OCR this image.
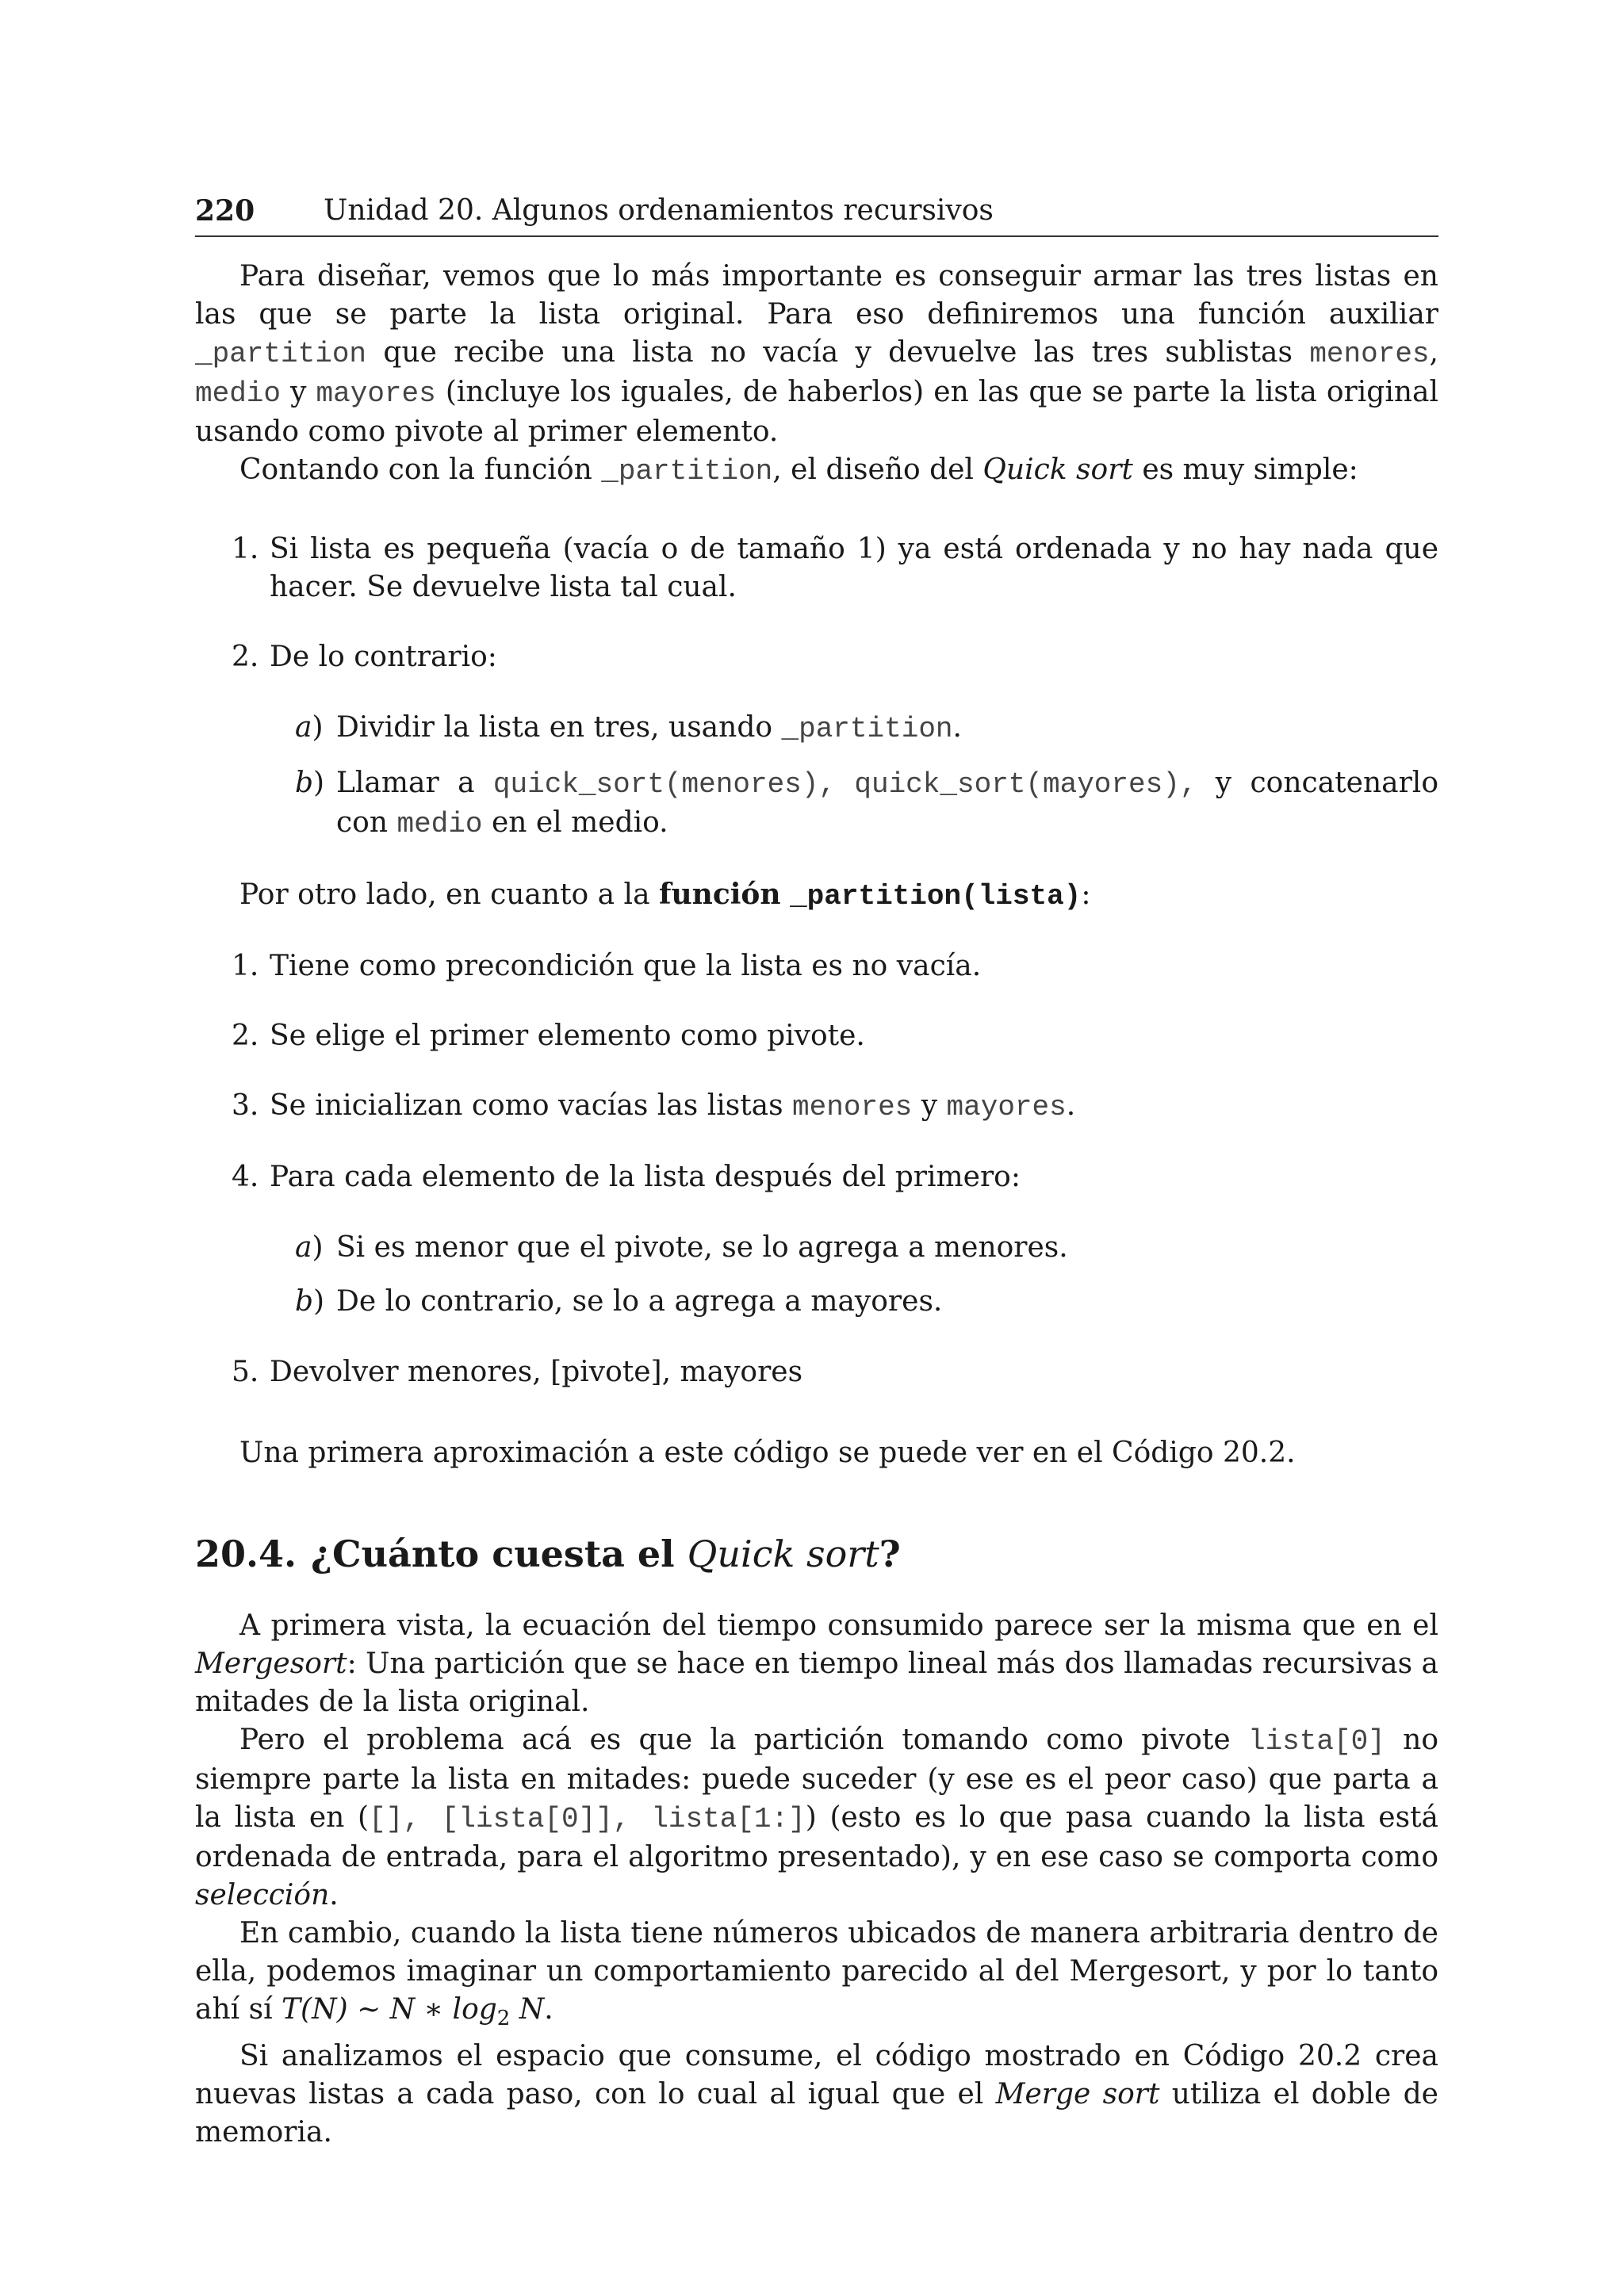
220 Unidad 20. Algunos ordenamientos recursivos

Para diseñar, vemos que lo más importante es conseguir armar las tres listas en las que se parte la lista original. Para eso definiremos una función auxiliar _partition que recibe una lista no vacía y devuelve las tres sublistas menores, medio y mayores (incluye los iguales, de haberlos) en las que se parte la lista original usando como pivote al primer elemento.

Contando con la función _partition, el diseño del Quick sort es muy simple:

1. Si lista es pequeña (vacía o de tamaño 1) ya está ordenada y no hay nada que hacer. Se devuelve lista tal cual.
2. De lo contrario:
a) Dividir la lista en tres, usando _partition.
b) Llamar a quick_sort(menores), quick_sort(mayores), y concatenarlo con medio en el medio.

Por otro lado, en cuanto a la función _partition(lista):

1. Tiene como precondición que la lista es no vacía.
2. Se elige el primer elemento como pivote.
3. Se inicializan como vacías las listas menores y mayores.
4. Para cada elemento de la lista después del primero:
a) Si es menor que el pivote, se lo agrega a menores.
b) De lo contrario, se lo a agrega a mayores.
5. Devolver menores, [pivote], mayores

Una primera aproximación a este código se puede ver en el Código 20.2.

20.4. ¿Cuánto cuesta el Quick sort?

A primera vista, la ecuación del tiempo consumido parece ser la misma que en el Mergesort: Una partición que se hace en tiempo lineal más dos llamadas recursivas a mitades de la lista original.

Pero el problema acá es que la partición tomando como pivote lista[0] no siempre parte la lista en mitades: puede suceder (y ese es el peor caso) que parta a la lista en ([], [lista[0]], lista[1:]) (esto es lo que pasa cuando la lista está ordenada de entrada, para el algoritmo presentado), y en ese caso se comporta como selección.

En cambio, cuando la lista tiene números ubicados de manera arbitraria dentro de ella, podemos imaginar un comportamiento parecido al del Mergesort, y por lo tanto ahí sí T(N) ∼ N ∗ $\log_2 N$.

Si analizamos el espacio que consume, el código mostrado en Código 20.2 crea nuevas listas a cada paso, con lo cual al igual que el Merge sort utiliza el doble de memoria.
